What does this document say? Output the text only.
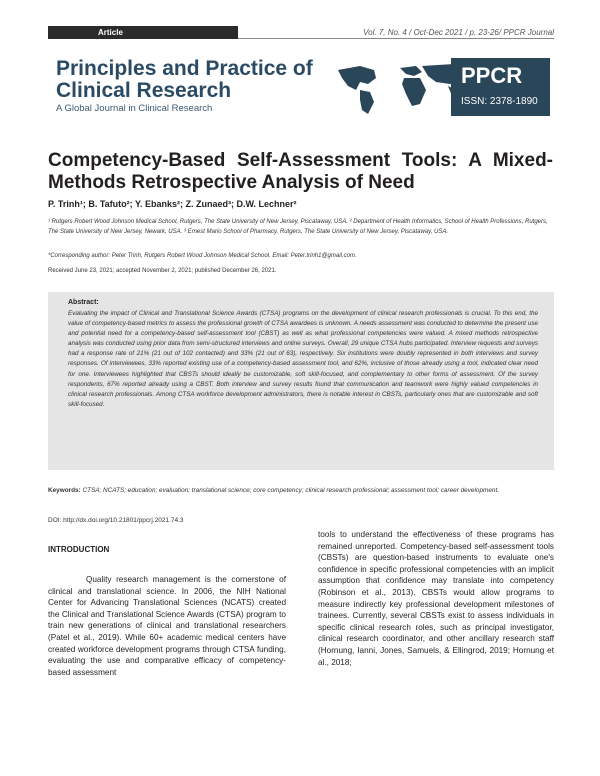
Article	Vol. 7, No. 4 / Oct-Dec 2021 / p. 23-26/ PPCR Journal
Principles and Practice of Clinical Research
A Global Journal in Clinical Research
PPCR
ISSN: 2378-1890
Competency-Based Self-Assessment Tools: A Mixed-Methods Retrospective Analysis of Need
P. Trinh¹; B. Tafuto²; Y. Ebanks²; Z. Zunaed³; D.W. Lechner²
¹ Rutgers Robert Wood Johnson Medical School, Rutgers, The State University of New Jersey, Piscataway, USA. ² Department of Health Informatics, School of Health Professions, Rutgers, The State University of New Jersey, Newark, USA. ³ Ernest Mario School of Pharmacy, Rutgers, The State University of New Jersey, Piscataway, USA.
*Corresponding author: Peter Trinh, Rutgers Robert Wood Johnson Medical School. Email: Peter.trinh1@gmail.com.
Received June 23, 2021; accepted November 2, 2021; published December 26, 2021.
Abstract:
Evaluating the impact of Clinical and Translational Science Awards (CTSA) programs on the development of clinical research professionals is crucial. To this end, the value of competency-based metrics to assess the professional growth of CTSA awardees is unknown. A needs assessment was conducted to determine the present use and potential need for a competency-based self-assessment tool (CBST) as well as what professional competencies were valued. A mixed methods retrospective analysis was conducted using prior data from semi-structured interviews and online surveys. Overall, 29 unique CTSA hubs participated. Interview requests and surveys had a response rate of 21% (21 out of 102 contacted) and 33% (21 out of 63), respectively. Six institutions were doubly represented in both interviews and survey responses. Of interviewees, 33% reported existing use of a competency-based assessment tool, and 62%, inclusive of those already using a tool, indicated clear need for one. Interviewees highlighted that CBSTs should ideally be customizable, soft skill-focused, and complementary to other forms of assessment. Of the survey respondents, 67% reported already using a CBST. Both interview and survey results found that communication and teamwork were highly valued competencies in clinical research professionals. Among CTSA workforce development administrators, there is notable interest in CBSTs, particularly ones that are customizable and soft skill-focused.
Keywords: CTSA; NCATS; education; evaluation; translational science; core competency; clinical research professional; assessment tool; career development.
DOI: http://dx.doi.org/10.21801/ppcrj.2021.74.3

INTRODUCTION

Quality research management is the cornerstone of clinical and translational science. In 2006, the NIH National Center for Advancing Translational Sciences (NCATS) created the Clinical and Translational Science Awards (CTSA) program to train new generations of clinical and translational researchers (Patel et al., 2019). While 60+ academic medical centers have created workforce development programs through CTSA funding, evaluating the use and comparative efficacy of competency-based assessment

tools to understand the effectiveness of these programs has remained unreported. Competency-based self-assessment tools (CBSTs) are question-based instruments to evaluate one's confidence in specific professional competencies with an implicit assumption that confidence may translate into competency (Robinson et al., 2013). CBSTs would allow programs to measure indirectly key professional development milestones of trainees. Currently, several CBSTs exist to assess individuals in specific clinical research roles, such as principal investigator, clinical research coordinator, and other ancillary research staff (Hornung, Ianni, Jones, Samuels, & Ellingrod, 2019; Hornung et al., 2018;
